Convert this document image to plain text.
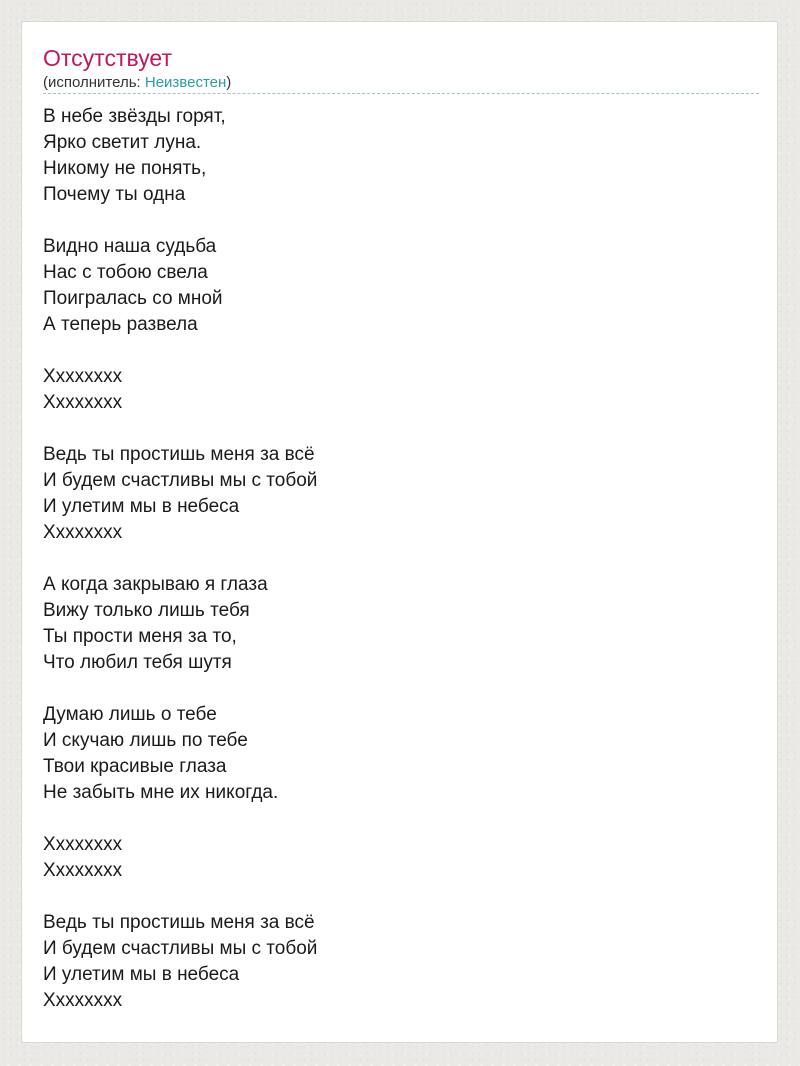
Отсутствует
(исполнитель: Неизвестен)
В небе звёзды горят,
Ярко светит луна.
Никому не понять,
Почему ты одна
Видно наша судьба
Нас с тобою свела
Поигралась со мной
А теперь развела
Хххххххх
Хххххххх
Ведь ты простишь меня за всё
И будем счастливы мы с тобой
И улетим мы в небеса
Хххххххх
А когда закрываю я глаза
Вижу только лишь тебя
Ты прости меня за то,
Что любил тебя шутя
Думаю лишь о тебе
И скучаю лишь по тебе
Твои красивые глаза
Не забыть мне их никогда.
Хххххххх
Хххххххх
Ведь ты простишь меня за всё
И будем счастливы мы с тобой
И улетим мы в небеса
Хххххххх
